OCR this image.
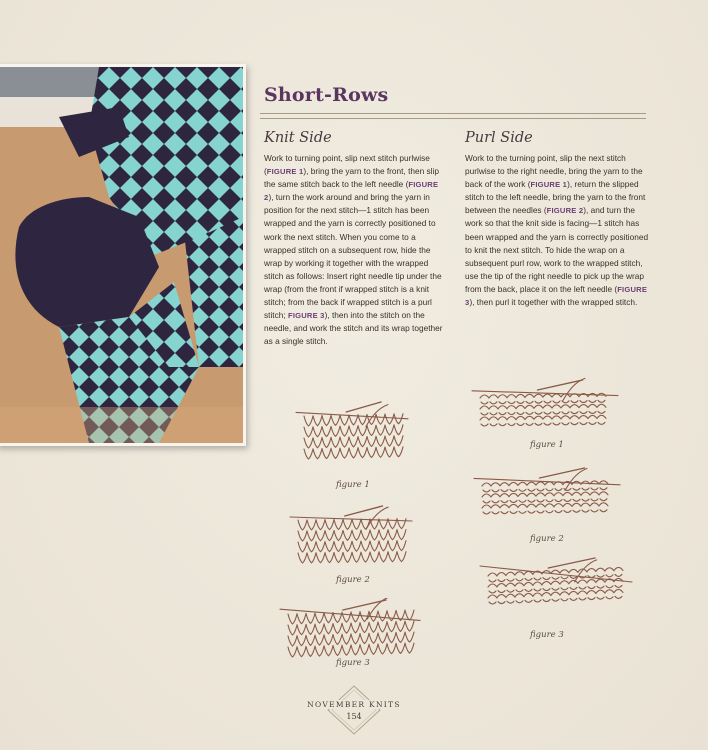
Short-Rows
Knit Side
Work to turning point, slip next stitch purlwise (FIGURE 1), bring the yarn to the front, then slip the same stitch back to the left needle (FIGURE 2), turn the work around and bring the yarn in position for the next stitch—1 stitch has been wrapped and the yarn is correctly positioned to work the next stitch. When you come to a wrapped stitch on a subsequent row, hide the wrap by working it together with the wrapped stitch as follows: Insert right needle tip under the wrap (from the front if wrapped stitch is a knit stitch; from the back if wrapped stitch is a purl stitch; FIGURE 3), then into the stitch on the needle, and work the stitch and its wrap together as a single stitch.
Purl Side
Work to the turning point, slip the next stitch purlwise to the right needle, bring the yarn to the back of the work (FIGURE 1), return the slipped stitch to the left needle, bring the yarn to the front between the needles (FIGURE 2), and turn the work so that the knit side is facing—1 stitch has been wrapped and the yarn is correctly positioned to knit the next stitch. To hide the wrap on a subsequent purl row, work to the wrapped stitch, use the tip of the right needle to pick up the wrap from the back, place it on the left needle (FIGURE 3), then purl it together with the wrapped stitch.
figure 1
figure 2
figure 3
figure 1
figure 2
figure 3
NOVEMBER KNITS
154
